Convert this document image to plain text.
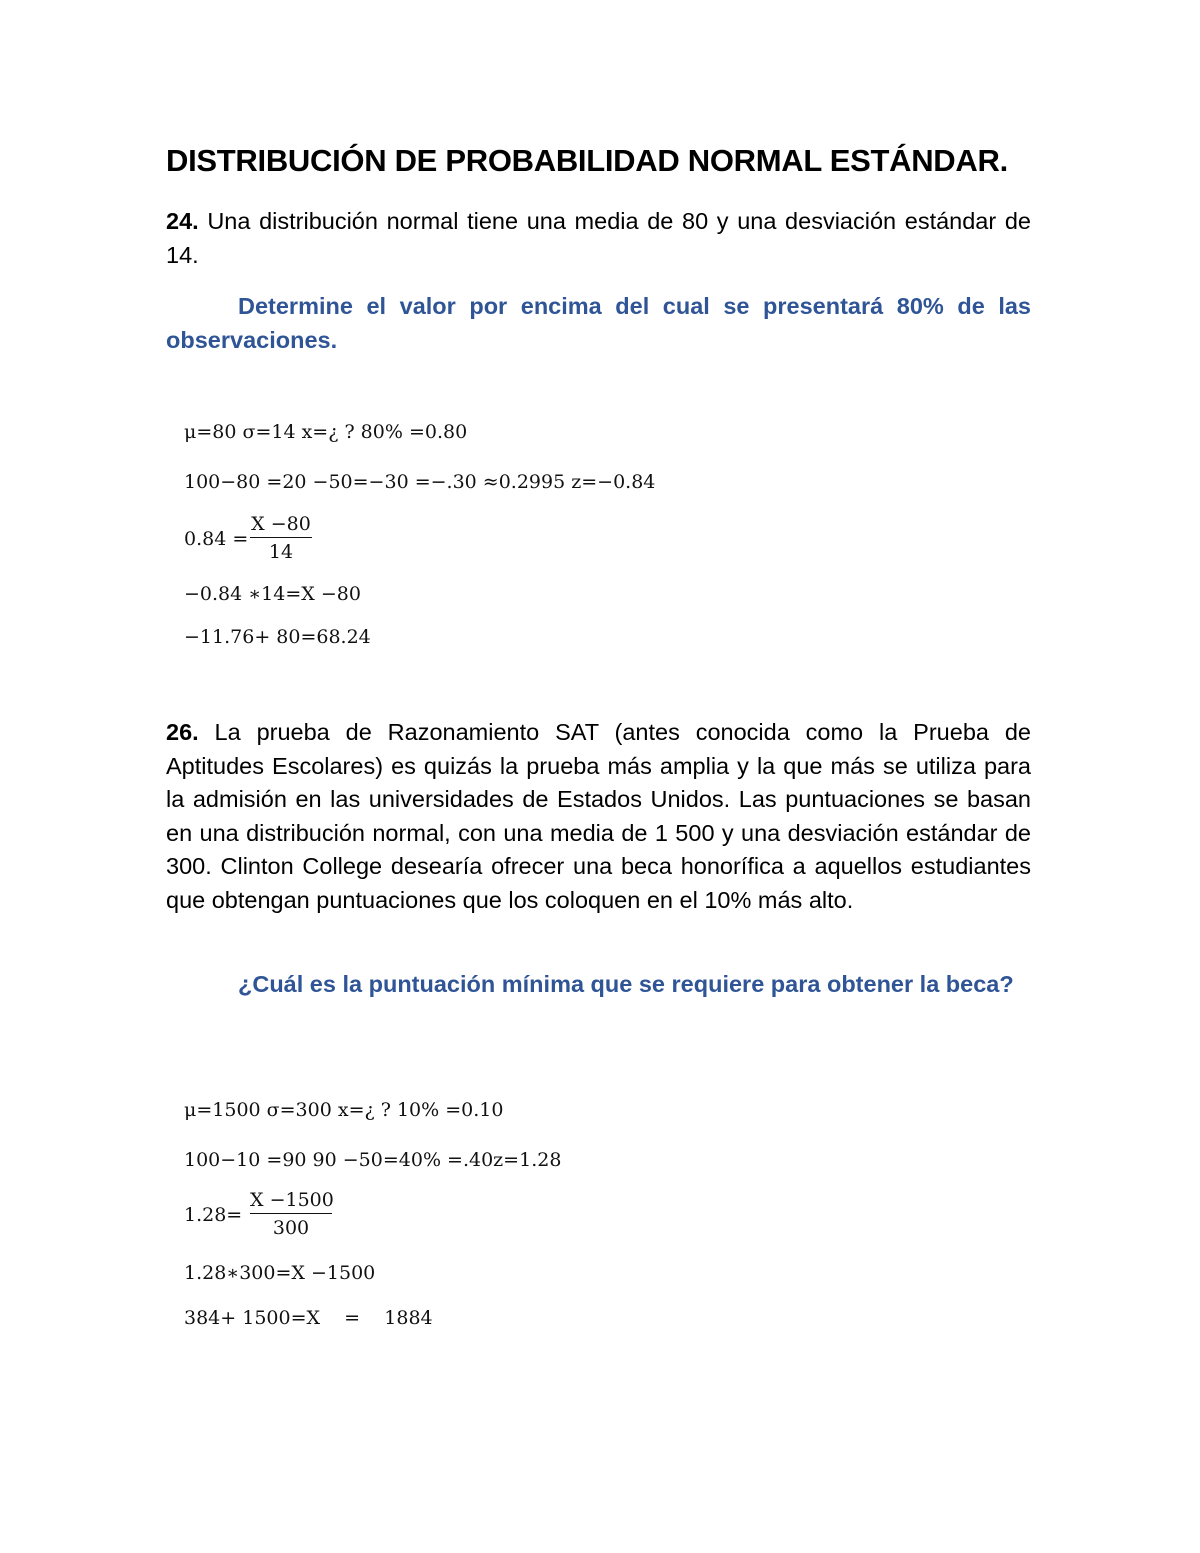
DISTRIBUCIÓN DE PROBABILIDAD NORMAL ESTÁNDAR.
24. Una distribución normal tiene una media de 80 y una desviación estándar de 14.
Determine el valor por encima del cual se presentará 80% de las observaciones.
μ=80 σ=14 x=¿ ? 80% =0.80
100−80 =20 −50=−30 =−.30 ≈0.2995 z=−0.84
0.84 =
X −80
14
−0.84 ∗14=X −80
−11.76+ 80=68.24
26. La prueba de Razonamiento SAT (antes conocida como la Prueba de Aptitudes Escolares) es quizás la prueba más amplia y la que más se utiliza para la admisión en las universidades de Estados Unidos. Las puntuaciones se basan en una distribución normal, con una media de 1 500 y una desviación estándar de 300. Clinton College desearía ofrecer una beca honorífica a aquellos estudiantes que obtengan puntuaciones que los coloquen en el 10% más alto.
¿Cuál es la puntuación mínima que se requiere para obtener la beca?
μ=1500 σ=300 x=¿ ? 10% =0.10
100−10 =90 90 −50=40% =.40z=1.28
1.28=
X −1500
300
1.28∗300=X −1500
384+ 1500=X    =    1884
